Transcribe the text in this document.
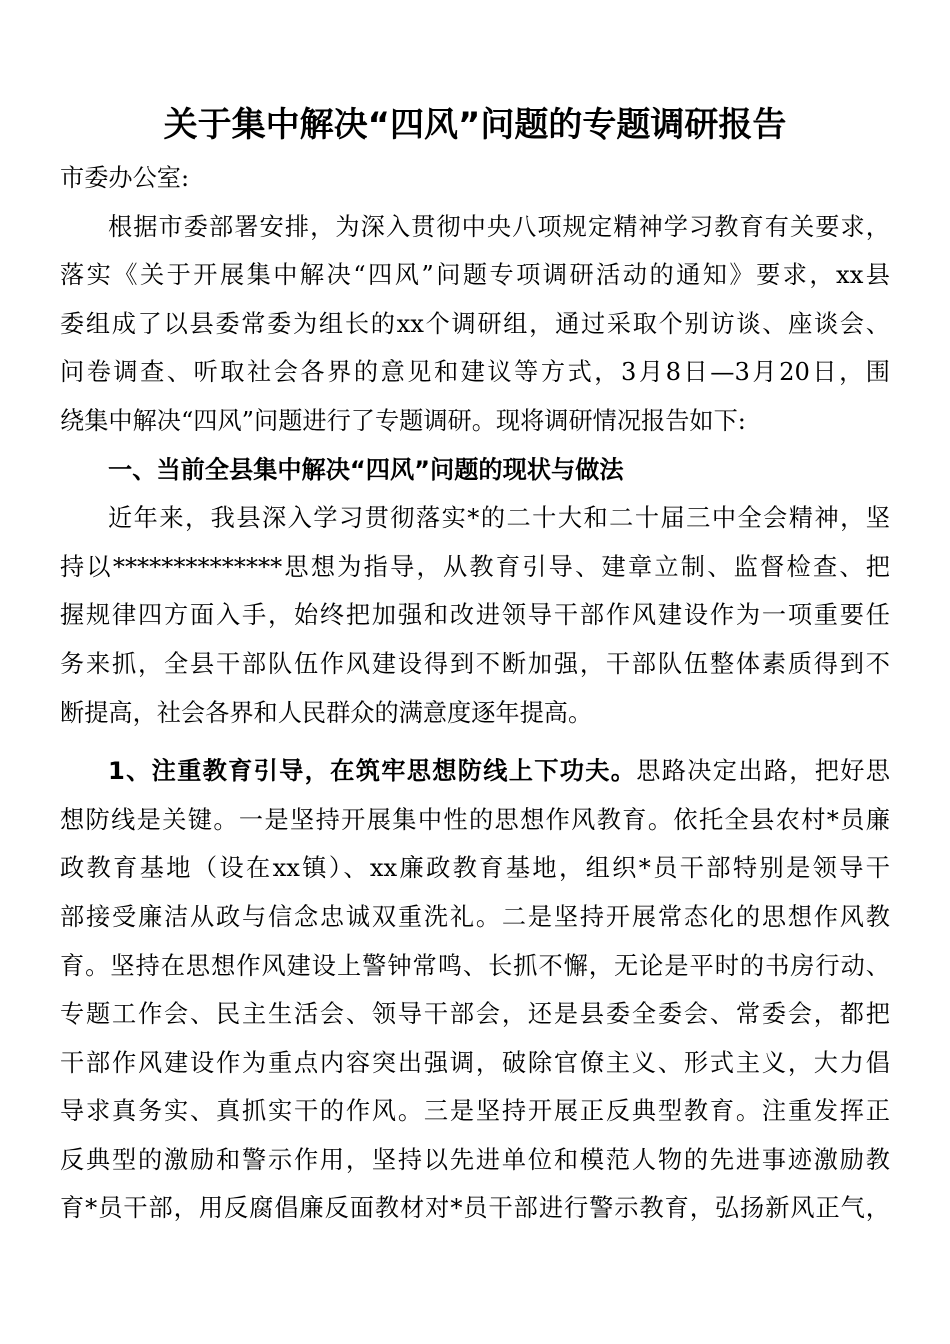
关于集中解决“四风”问题的专题调研报告
市委办公室:
根据市委部署安排，为深入贯彻中央八项规定精神学习教育有关要求，
落实《关于开展集中解决“四风”问题专项调研活动的通知》要求，xx县
委组成了以县委常委为组长的xx个调研组，通过采取个别访谈、座谈会、
问卷调查、听取社会各界的意见和建议等方式，3月8日—3月20日，围
绕集中解决“四风”问题进行了专题调研。现将调研情况报告如下:
一、当前全县集中解决“四风”问题的现状与做法
近年来，我县深入学习贯彻落实*的二十大和二十届三中全会精神，坚
持以**************思想为指导，从教育引导、建章立制、监督检查、把
握规律四方面入手，始终把加强和改进领导干部作风建设作为一项重要任
务来抓，全县干部队伍作风建设得到不断加强，干部队伍整体素质得到不
断提高，社会各界和人民群众的满意度逐年提高。
1、注重教育引导，在筑牢思想防线上下功夫。思路决定出路，把好思
想防线是关键。一是坚持开展集中性的思想作风教育。依托全县农村*员廉
政教育基地（设在xx镇）、xx廉政教育基地，组织*员干部特别是领导干
部接受廉洁从政与信念忠诚双重洗礼。二是坚持开展常态化的思想作风教
育。坚持在思想作风建设上警钟常鸣、长抓不懈，无论是平时的书房行动、
专题工作会、民主生活会、领导干部会，还是县委全委会、常委会，都把
干部作风建设作为重点内容突出强调，破除官僚主义、形式主义，大力倡
导求真务实、真抓实干的作风。三是坚持开展正反典型教育。注重发挥正
反典型的激励和警示作用，坚持以先进单位和模范人物的先进事迹激励教
育*员干部，用反腐倡廉反面教材对*员干部进行警示教育，弘扬新风正气，
